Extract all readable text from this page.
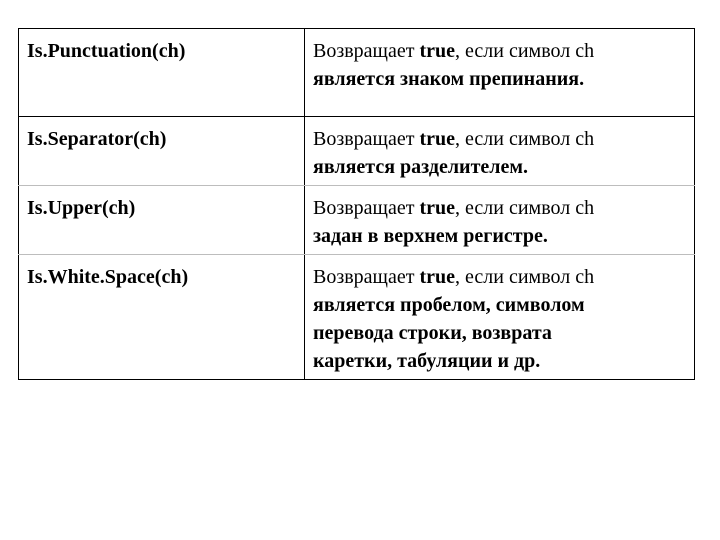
Is.Punctuation(ch)	Возвращает true, если символ ch
является знаком препинания.

Is.Separator(ch)	Возвращает true, если символ ch
является разделителем.

Is.Upper(ch)	Возвращает true, если символ ch
задан в верхнем регистре.

Is.White.Space(ch)	Возвращает true, если символ ch
является пробелом, символом
перевода строки, возврата
каретки, табуляции и др.
